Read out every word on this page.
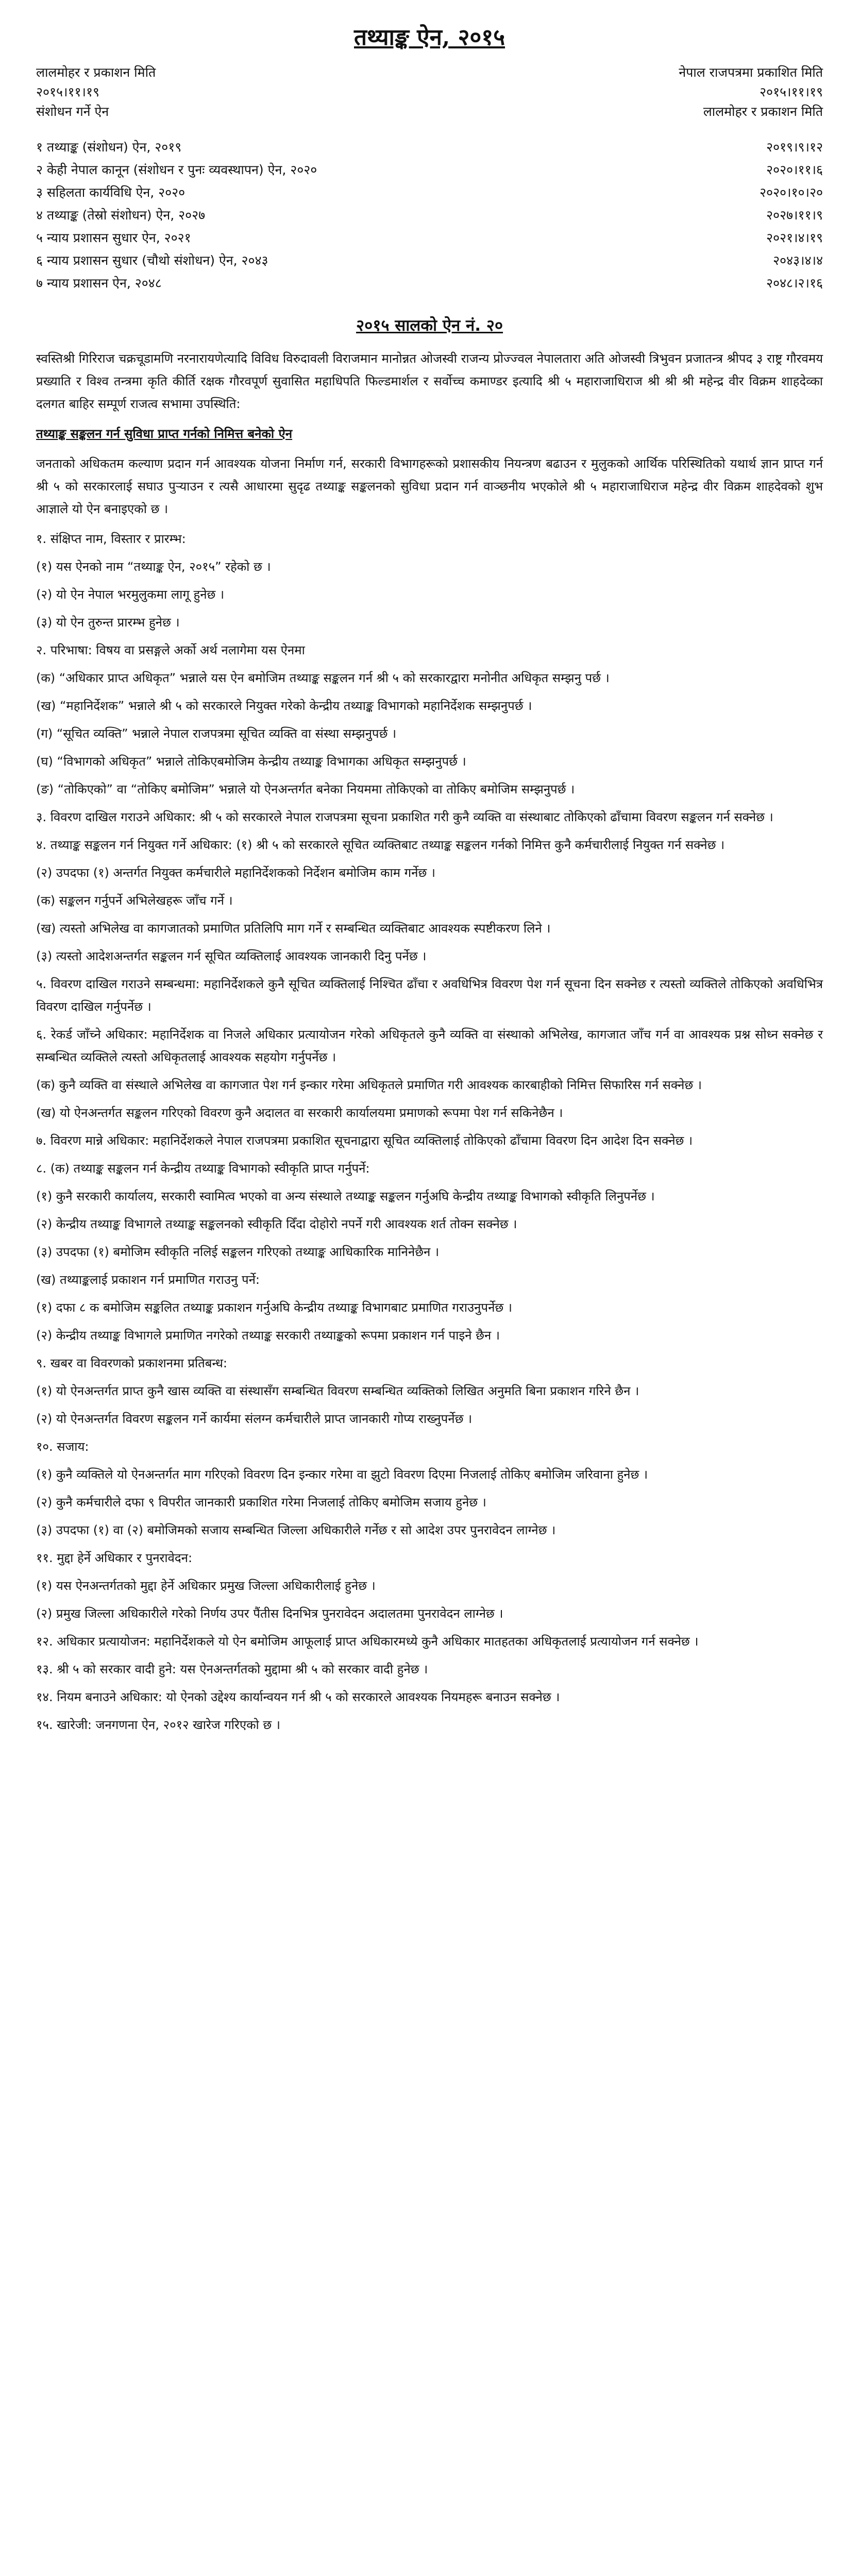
तथ्याङ्क ऐन, २०१५
लालमोहर र प्रकाशन मिति	नेपाल राजपत्रमा प्रकाशित मिति
२०१५।११।१९	२०१५।११।१९
संशोधन गर्ने ऐन	लालमोहर र प्रकाशन मिति
१ तथ्याङ्क (संशोधन) ऐन, २०१९	२०१९।९।१२
२ केही नेपाल कानून (संशोधन र पुनः व्यवस्थापन) ऐन, २०२०	२०२०।११।६
३ सहिलता कार्यविधि ऐन, २०२०	२०२०।१०।२०
४ तथ्याङ्क (तेस्रो संशोधन) ऐन, २०२७	२०२७।११।९
५ न्याय प्रशासन सुधार ऐन, २०२१	२०२१।४।१९
६ न्याय प्रशासन सुधार (चौथो संशोधन) ऐन, २०४३	२०४३।४।४
७ न्याय प्रशासन ऐन, २०४८	२०४८।२।१६
२०१५ सालको ऐन नं. २०

स्वस्तिश्री गिरिराज चक्रचूडामणि नरनारायणेत्यादि विविध विरुदावली विराजमान मानोन्नत ओजस्वी राजन्य प्रोज्ज्वल नेपालतारा अति ओजस्वी त्रिभुवन प्रजातन्त्र श्रीपद ३ राष्ट्र गौरवमय प्रख्याति र विश्व तन्त्रमा कृति कीर्ति रक्षक गौरवपूर्ण सुवासित महाधिपति फिल्डमार्शल र सर्वोच्च कमाण्डर इत्यादि श्री ५ महाराजाधिराज श्री श्री श्री महेन्द्र वीर विक्रम शाहदेव्का दलगत बाहिर सम्पूर्ण राजत्व सभामा उपस्थिति:

तथ्याङ्क सङ्कलन गर्न सुविधा प्राप्त गर्नको निमित्त बनेको ऐन

जनताको अधिकतम कल्याण प्रदान गर्न आवश्यक योजना निर्माण गर्न, सरकारी विभागहरूको प्रशासकीय नियन्त्रण बढाउन र मुलुकको आर्थिक परिस्थितिको यथार्थ ज्ञान प्राप्त गर्न श्री ५ को सरकारलाई सघाउ पुर्‍याउन र त्यसै आधारमा सुदृढ तथ्याङ्क सङ्कलनको सुविधा प्रदान गर्न वाञ्छनीय भएकोले श्री ५ महाराजाधिराज महेन्द्र वीर विक्रम शाहदेवको शुभ आज्ञाले यो ऐन बनाइएको छ ।

१. संक्षिप्त नाम, विस्तार र प्रारम्भ:

(१) यस ऐनको नाम “तथ्याङ्क ऐन, २०१५” रहेको छ ।

(२) यो ऐन नेपाल भरमुलुकमा लागू हुनेछ ।

(३) यो ऐन तुरुन्त प्रारम्भ हुनेछ ।

२. परिभाषा: विषय वा प्रसङ्गले अर्को अर्थ नलागेमा यस ऐनमा

(क) “अधिकार प्राप्त अधिकृत” भन्नाले यस ऐन बमोजिम तथ्याङ्क सङ्कलन गर्न श्री ५ को सरकारद्वारा मनोनीत अधिकृत सम्झनु पर्छ ।

(ख) “महानिर्देशक” भन्नाले श्री ५ को सरकारले नियुक्त गरेको केन्द्रीय तथ्याङ्क विभागको महानिर्देशक सम्झनुपर्छ ।

(ग) “सूचित व्यक्ति” भन्नाले नेपाल राजपत्रमा सूचित व्यक्ति वा संस्था सम्झनुपर्छ ।

(घ) “विभागको अधिकृत” भन्नाले तोकिएबमोजिम केन्द्रीय तथ्याङ्क विभागका अधिकृत सम्झनुपर्छ ।

(ङ) “तोकिएको” वा “तोकिए बमोजिम” भन्नाले यो ऐनअन्तर्गत बनेका नियममा तोकिएको वा तोकिए बमोजिम सम्झनुपर्छ ।

३. विवरण दाखिल गराउने अधिकार: श्री ५ को सरकारले नेपाल राजपत्रमा सूचना प्रकाशित गरी कुनै व्यक्ति वा संस्थाबाट तोकिएको ढाँचामा विवरण सङ्कलन गर्न सक्नेछ ।

४. तथ्याङ्क सङ्कलन गर्न नियुक्त गर्ने अधिकार: (१) श्री ५ को सरकारले सूचित व्यक्तिबाट तथ्याङ्क सङ्कलन गर्नको निमित्त कुनै कर्मचारीलाई नियुक्त गर्न सक्नेछ ।

(२) उपदफा (१) अन्तर्गत नियुक्त कर्मचारीले महानिर्देशकको निर्देशन बमोजिम काम गर्नेछ ।

(क) सङ्कलन गर्नुपर्ने अभिलेखहरू जाँच गर्ने ।

(ख) त्यस्तो अभिलेख वा कागजातको प्रमाणित प्रतिलिपि माग गर्ने र सम्बन्धित व्यक्तिबाट आवश्यक स्पष्टीकरण लिने ।

(३) त्यस्तो आदेशअन्तर्गत सङ्कलन गर्न सूचित व्यक्तिलाई आवश्यक जानकारी दिनु पर्नेछ ।

५. विवरण दाखिल गराउने सम्बन्धमा: महानिर्देशकले कुनै सूचित व्यक्तिलाई निश्चित ढाँचा र अवधिभित्र विवरण पेश गर्न सूचना दिन सक्नेछ र त्यस्तो व्यक्तिले तोकिएको अवधिभित्र विवरण दाखिल गर्नुपर्नेछ ।

६. रेकर्ड जाँच्ने अधिकार: महानिर्देशक वा निजले अधिकार प्रत्यायोजन गरेको अधिकृतले कुनै व्यक्ति वा संस्थाको अभिलेख, कागजात जाँच गर्न वा आवश्यक प्रश्न सोध्न सक्नेछ र सम्बन्धित व्यक्तिले त्यस्तो अधिकृतलाई आवश्यक सहयोग गर्नुपर्नेछ ।

(क) कुनै व्यक्ति वा संस्थाले अभिलेख वा कागजात पेश गर्न इन्कार गरेमा अधिकृतले प्रमाणित गरी आवश्यक कारबाहीको निमित्त सिफारिस गर्न सक्नेछ ।

(ख) यो ऐनअन्तर्गत सङ्कलन गरिएको विवरण कुनै अदालत वा सरकारी कार्यालयमा प्रमाणको रूपमा पेश गर्न सकिनेछैन ।

७. विवरण मान्ने अधिकार: महानिर्देशकले नेपाल राजपत्रमा प्रकाशित सूचनाद्वारा सूचित व्यक्तिलाई तोकिएको ढाँचामा विवरण दिन आदेश दिन सक्नेछ ।

८. (क) तथ्याङ्क सङ्कलन गर्न केन्द्रीय तथ्याङ्क विभागको स्वीकृति प्राप्त गर्नुपर्ने:

(१) कुनै सरकारी कार्यालय, सरकारी स्वामित्व भएको वा अन्य संस्थाले तथ्याङ्क सङ्कलन गर्नुअघि केन्द्रीय तथ्याङ्क विभागको स्वीकृति लिनुपर्नेछ ।

(२) केन्द्रीय तथ्याङ्क विभागले तथ्याङ्क सङ्कलनको स्वीकृति दिँदा दोहोरो नपर्ने गरी आवश्यक शर्त तोक्न सक्नेछ ।

(३) उपदफा (१) बमोजिम स्वीकृति नलिई सङ्कलन गरिएको तथ्याङ्क आधिकारिक मानिनेछैन ।

(ख) तथ्याङ्कलाई प्रकाशन गर्न प्रमाणित गराउनु पर्ने:

(१) दफा ८ क बमोजिम सङ्कलित तथ्याङ्क प्रकाशन गर्नुअघि केन्द्रीय तथ्याङ्क विभागबाट प्रमाणित गराउनुपर्नेछ ।

(२) केन्द्रीय तथ्याङ्क विभागले प्रमाणित नगरेको तथ्याङ्क सरकारी तथ्याङ्कको रूपमा प्रकाशन गर्न पाइने छैन ।

९. खबर वा विवरणको प्रकाशनमा प्रतिबन्ध:

(१) यो ऐनअन्तर्गत प्राप्त कुनै खास व्यक्ति वा संस्थासँग सम्बन्धित विवरण सम्बन्धित व्यक्तिको लिखित अनुमति बिना प्रकाशन गरिने छैन ।

(२) यो ऐनअन्तर्गत विवरण सङ्कलन गर्ने कार्यमा संलग्न कर्मचारीले प्राप्त जानकारी गोप्य राख्नुपर्नेछ ।

१०. सजाय:

(१) कुनै व्यक्तिले यो ऐनअन्तर्गत माग गरिएको विवरण दिन इन्कार गरेमा वा झुटो विवरण दिएमा निजलाई तोकिए बमोजिम जरिवाना हुनेछ ।

(२) कुनै कर्मचारीले दफा ९ विपरीत जानकारी प्रकाशित गरेमा निजलाई तोकिए बमोजिम सजाय हुनेछ ।

(३) उपदफा (१) वा (२) बमोजिमको सजाय सम्बन्धित जिल्ला अधिकारीले गर्नेछ र सो आदेश उपर पुनरावेदन लाग्नेछ ।

११. मुद्दा हेर्ने अधिकार र पुनरावेदन:

(१) यस ऐनअन्तर्गतको मुद्दा हेर्ने अधिकार प्रमुख जिल्ला अधिकारीलाई हुनेछ ।

(२) प्रमुख जिल्ला अधिकारीले गरेको निर्णय उपर पैंतीस दिनभित्र पुनरावेदन अदालतमा पुनरावेदन लाग्नेछ ।

१२. अधिकार प्रत्यायोजन: महानिर्देशकले यो ऐन बमोजिम आफूलाई प्राप्त अधिकारमध्ये कुनै अधिकार मातहतका अधिकृतलाई प्रत्यायोजन गर्न सक्नेछ ।

१३. श्री ५ को सरकार वादी हुने: यस ऐनअन्तर्गतको मुद्दामा श्री ५ को सरकार वादी हुनेछ ।

१४. नियम बनाउने अधिकार: यो ऐनको उद्देश्य कार्यान्वयन गर्न श्री ५ को सरकारले आवश्यक नियमहरू बनाउन सक्नेछ ।

१५. खारेजी: जनगणना ऐन, २०१२ खारेज गरिएको छ ।
